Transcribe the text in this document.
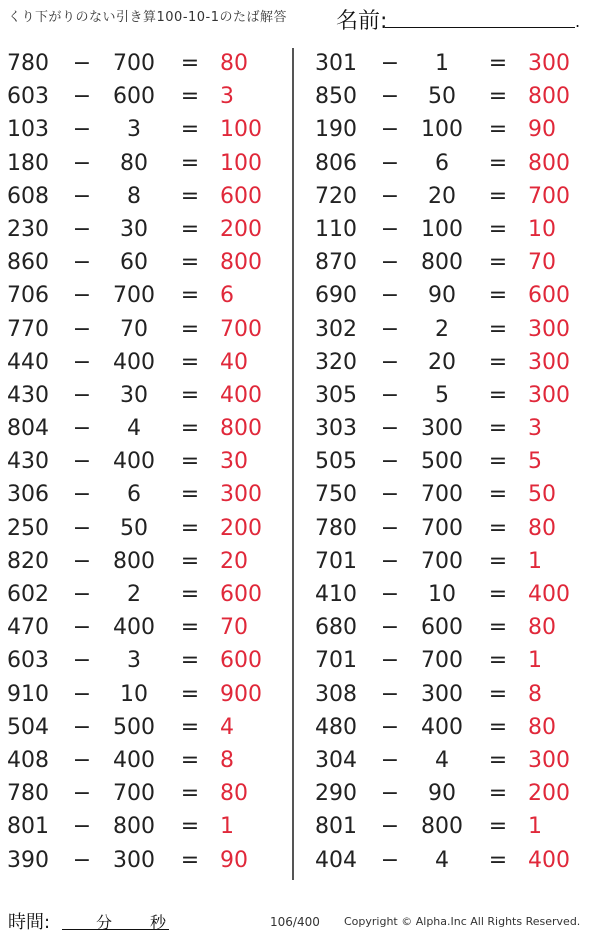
くり下がりのない引き算100-10-1のたば解答 名前:	.
780 − 700	= 80
603 − 600	= 3
103 −	3	= 100
180 −	80	= 100
608 −	8	= 600
230 −	30	= 200
860 −	60	= 800
706 − 700	= 6
770 −	70	= 700
440 − 400	= 40
430 −	30	= 400
804 −	4	= 800
430 − 400	= 30
306 −	6	= 300
250 −	50	= 200
820 − 800	= 20
602 −	2	= 600
470 − 400	= 70
603 −	3	= 600
910 −	10	= 900
504 − 500	= 4
408 − 400	= 8
780 − 700	= 80
801 − 800	= 1
390 − 300	= 90
301 −	1	= 300
850 −	50	= 800
190 − 100	= 90
806 −	6	= 800
720 −	20	= 700
110 − 100	= 10
870 − 800	= 70
690 −	90	= 600
302 −	2	= 300
320 −	20	= 300
305 −	5	= 300
303 − 300	= 3
505 − 500	= 5
750 − 700	= 50
780 − 700	= 80
701 − 700	= 1
410 −	10	= 400
680 − 600	= 80
701 − 700	= 1
308 − 300	= 8
480 − 400	= 80
304 −	4	= 300
290 −	90	= 200
801 − 800	= 1
404 −	4	= 400
時間:	分 秒	106/400 Copyright © Alpha.Inc All Rights Reserved.
